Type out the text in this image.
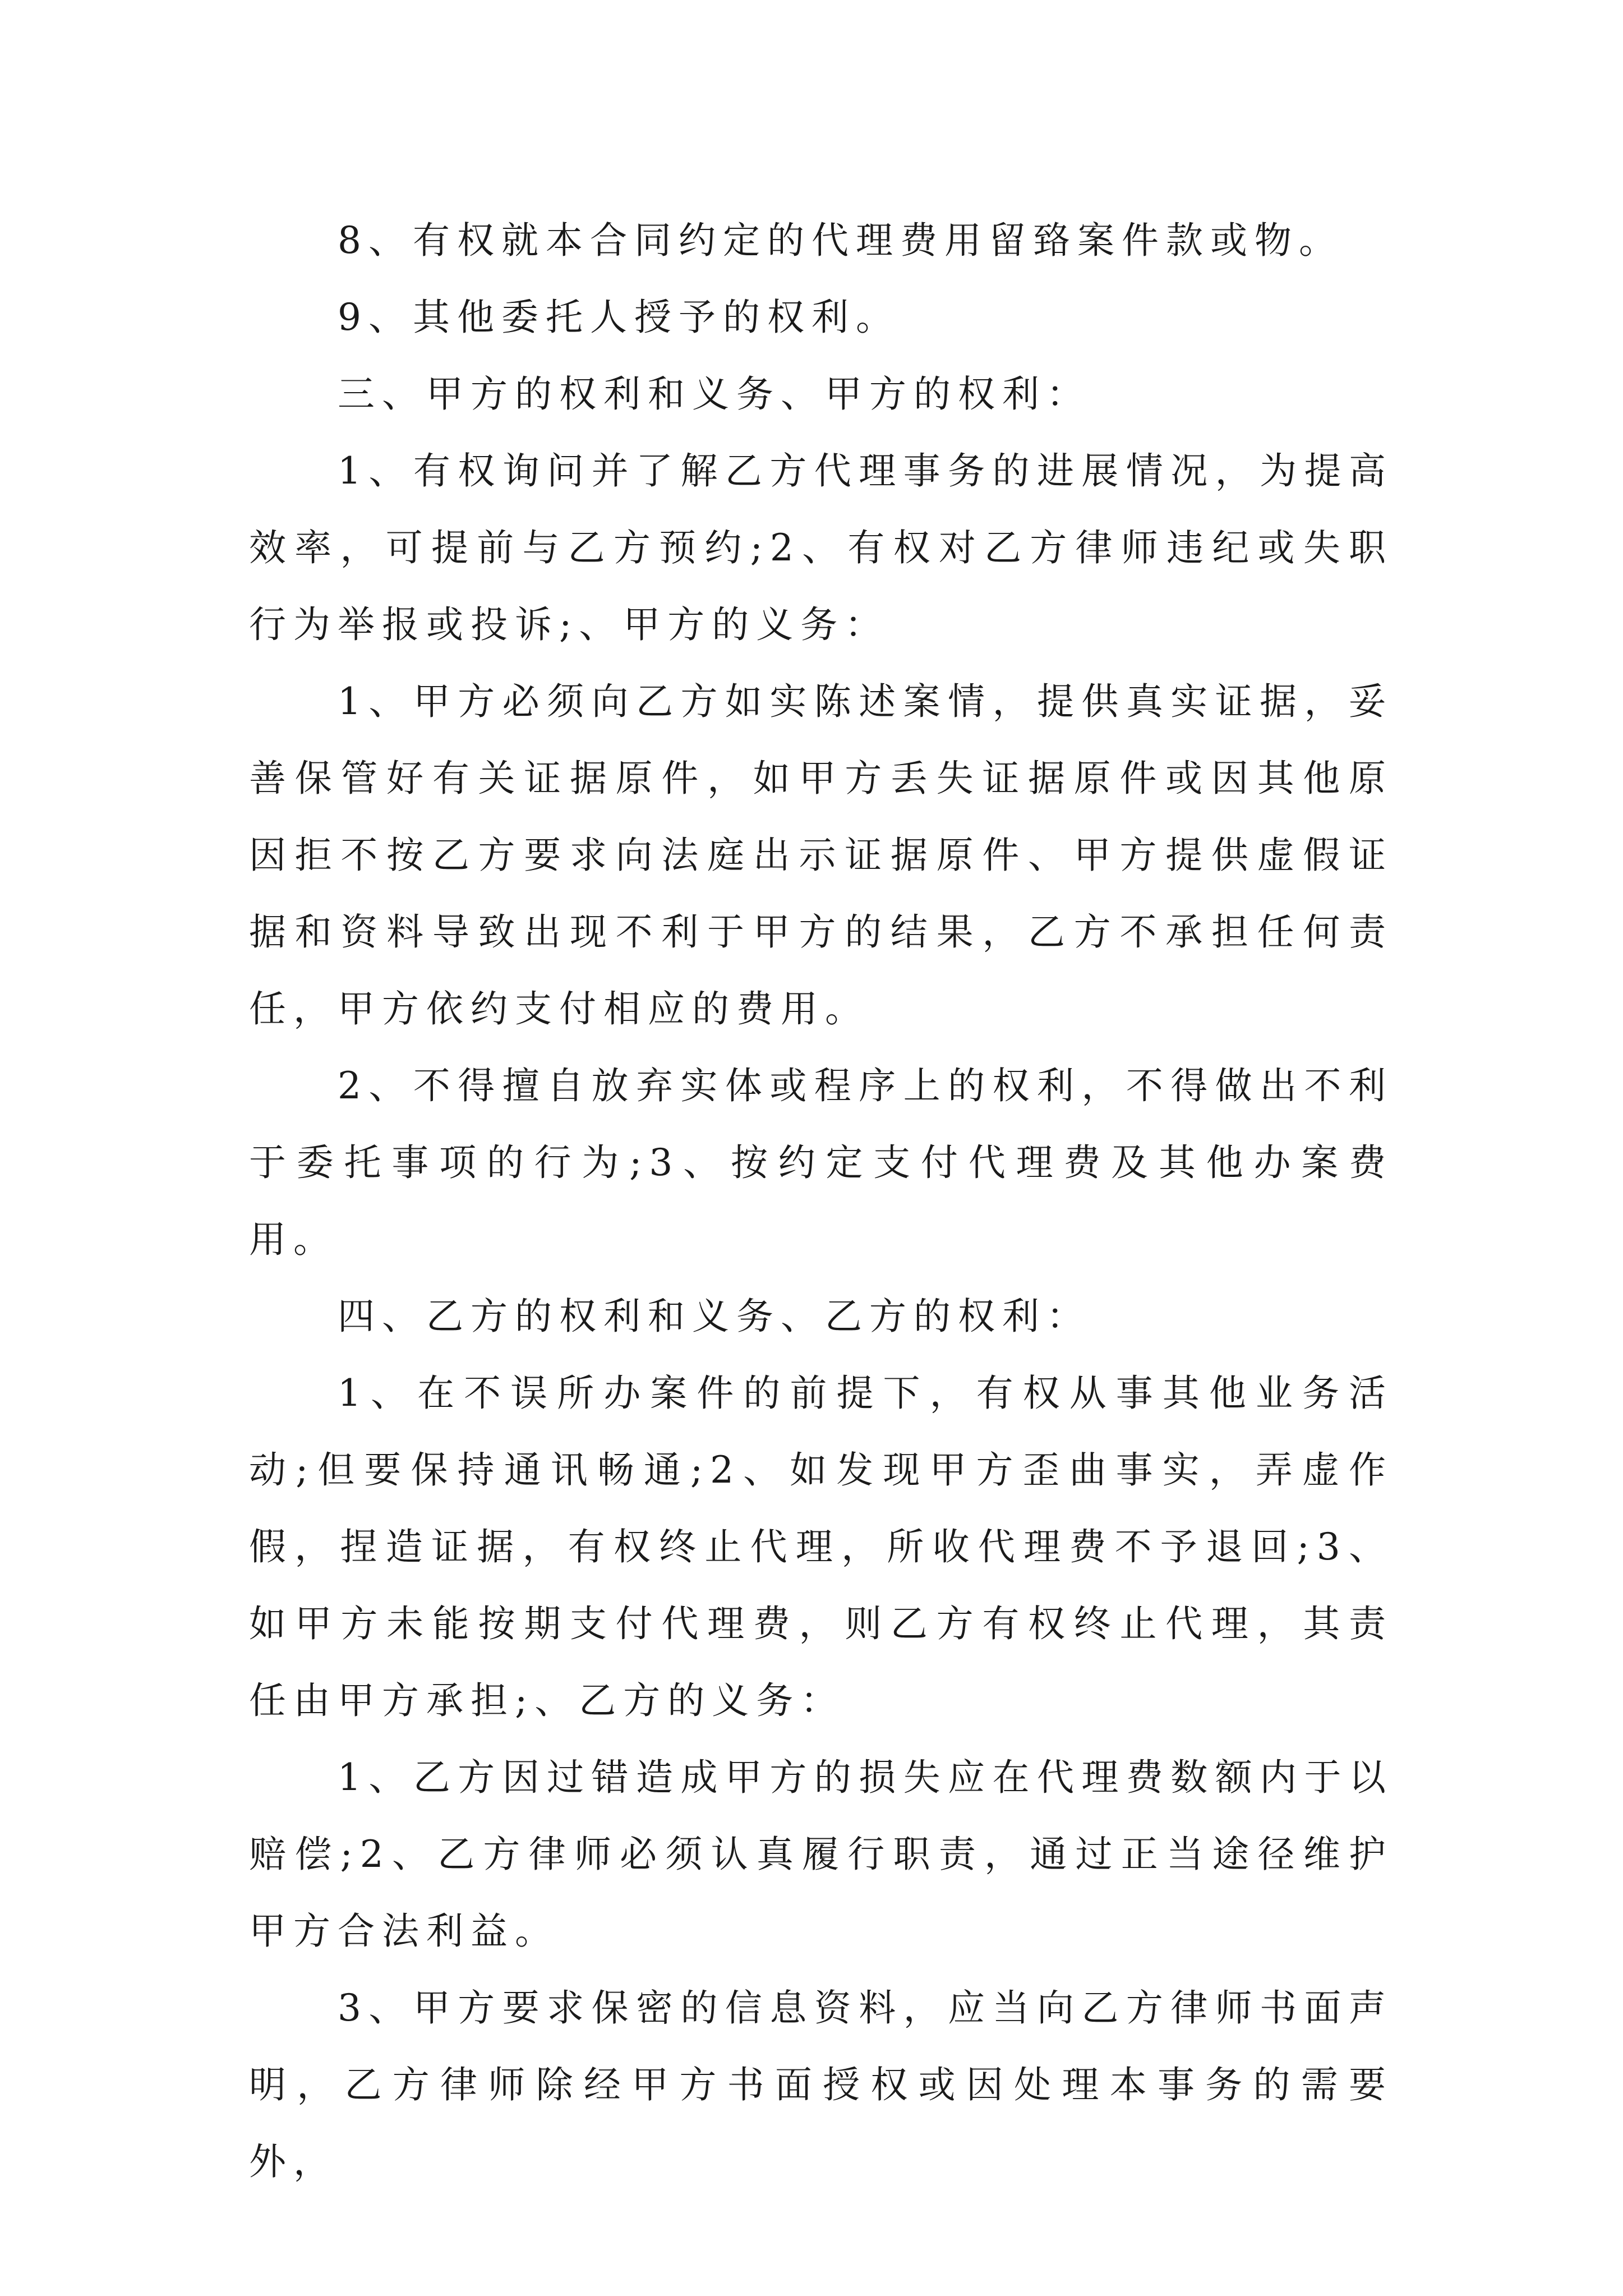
8、有权就本合同约定的代理费用留臵案件款或物。

9、其他委托人授予的权利。

三、甲方的权利和义务、甲方的权利：

1、有权询问并了解乙方代理事务的进展情况，为提高效率，可提前与乙方预约;2、有权对乙方律师违纪或失职行为举报或投诉;、甲方的义务：

1、甲方必须向乙方如实陈述案情，提供真实证据，妥善保管好有关证据原件，如甲方丢失证据原件或因其他原因拒不按乙方要求向法庭出示证据原件、甲方提供虚假证据和资料导致出现不利于甲方的结果，乙方不承担任何责任，甲方依约支付相应的费用。

2、不得擅自放弃实体或程序上的权利，不得做出不利于委托事项的行为;3、按约定支付代理费及其他办案费用。

四、乙方的权利和义务、乙方的权利：

1、在不误所办案件的前提下，有权从事其他业务活动;但要保持通讯畅通;2、如发现甲方歪曲事实，弄虚作假，捏造证据，有权终止代理，所收代理费不予退回;3、如甲方未能按期支付代理费，则乙方有权终止代理，其责任由甲方承担;、乙方的义务：

1、乙方因过错造成甲方的损失应在代理费数额内于以赔偿;2、乙方律师必须认真履行职责，通过正当途径维护甲方合法利益。

3、甲方要求保密的信息资料，应当向乙方律师书面声明，乙方律师除经甲方书面授权或因处理本事务的需要外，
